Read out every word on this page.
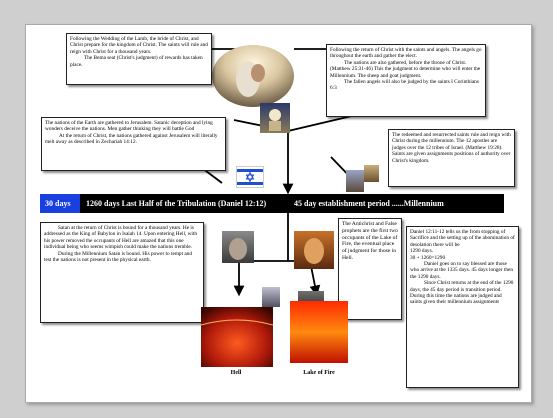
Following the Wedding of the Lamb, the bride of Christ, and Christ prepare for the kingdom of Christ. The saints will rule and reign with Christ for a thousand years.

The Bema seat (Christ's judgment) of rewards has taken place.

Following the return of Christ with the saints and angels. The angels go throughout the earth and gather the elect.

The nations are also gathered, before the throne of Christ. (Matthew 25:31-46) This the judgment to determine who will enter the Millennium. The sheep and goat judgment.

The fallen angels will also be judged by the saints I Corinthians 6:3

The nations of the Earth are gathered to Jerusalem. Satanic deception and lying wonders deceive the nations. Men gather thinking they will battle God

At the return of Christ, the nations gathered against Jerusalem will literally melt away as described in Zechariah 14:12.

The redeemed and resurrected saints rule and reign with Christ during the millennium. The 12 apostles are judges over the 12 tribes of Israel. (Matthew 19:28). Saints are given assignments positions of authority over Christ's kingdom.

30 days	1260 days Last Half of the Tribulation (Daniel 12:12)	45 day establishment period ......Millennium

Satan at the return of Christ is bound for a thousand years. He is addressed as the King of Babylon in Isaiah 14. Upon entering Hell, with his power removed the occupants of Hell are amazed that this one individual being who seems wimpish could make the nations tremble.

During the Millennium Satan is bound. His power to tempt and test the nations is not present in the physical earth.

The Antichrist and False prophets are the first two occupants of the Lake of Fire, the eventual place of judgment for those in Hell.

Daniel 12:11-12 tells us the from stopping of Sacrifice and the setting up of the abomination of desolation there will be

1290 days.

30 + 1260=1290

Daniel goes on to say blessed are those who arrive at the 1335 days. 45 days longer then the 1290 days.

Since Christ returns at the end of the 1290 days, the 45 day period is transition period. During this time the nations are judged and saints given their millennium assignments

Hell	Lake of Fire
